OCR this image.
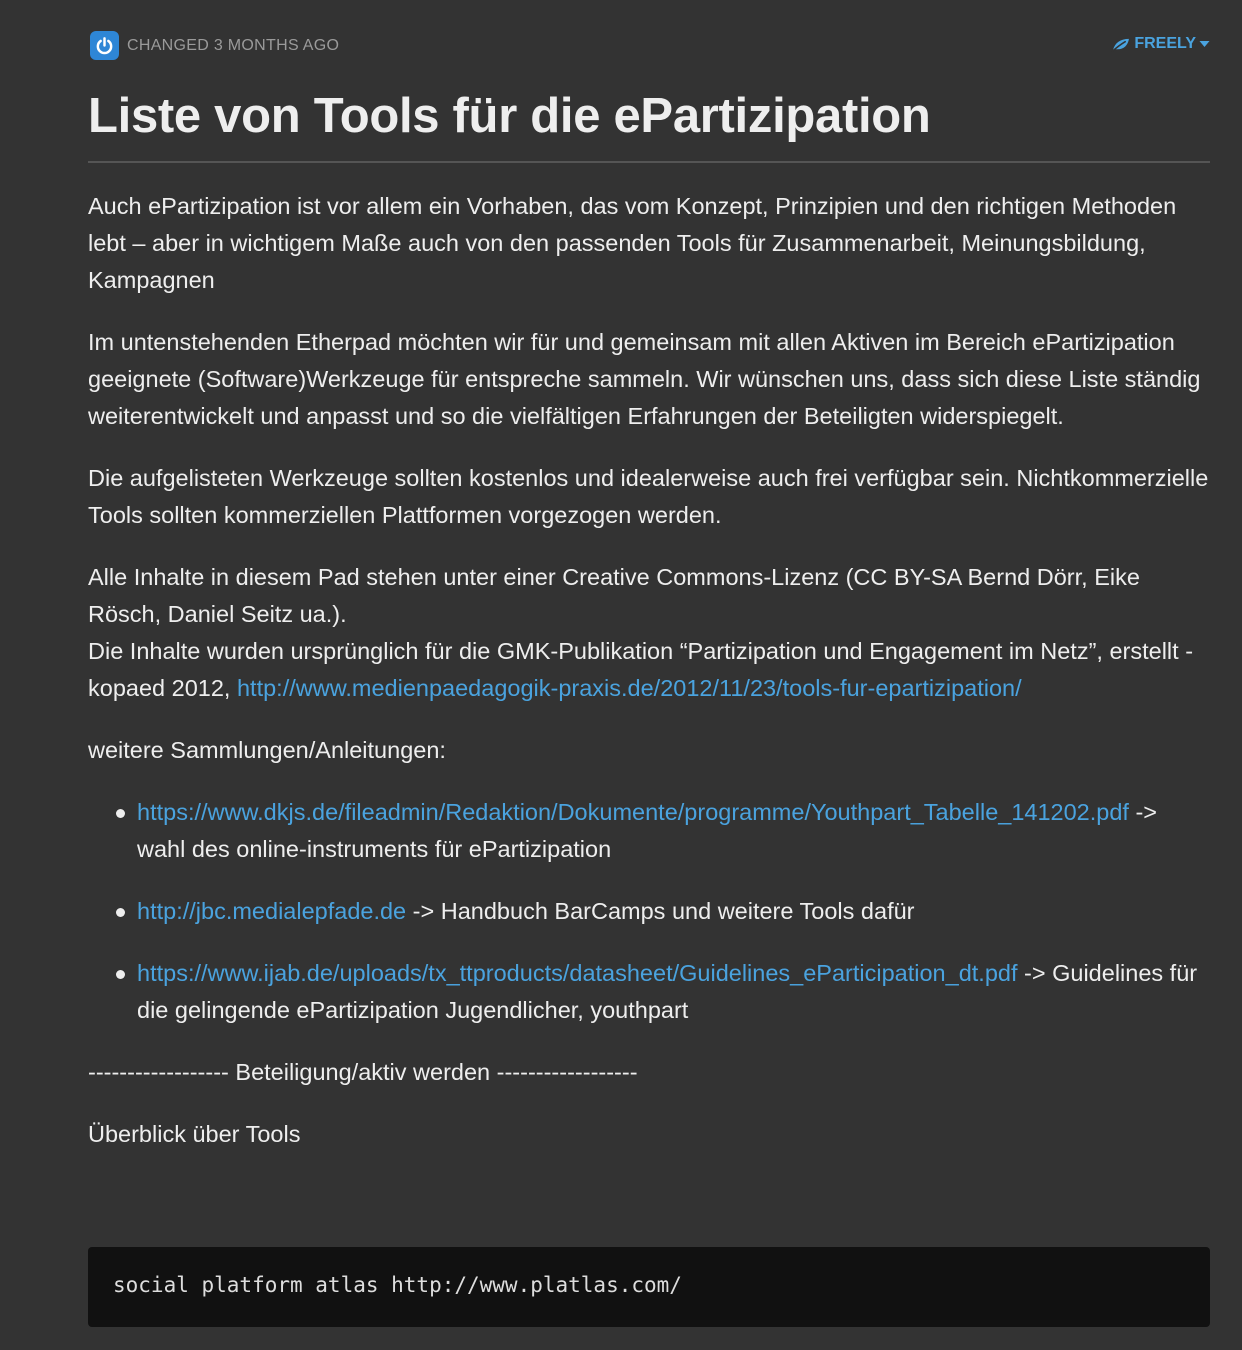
CHANGED 3 MONTHS AGO	FREELY
Liste von Tools für die ePartizipation

Auch ePartizipation ist vor allem ein Vorhaben, das vom Konzept, Prinzipien und den richtigen Methoden lebt – aber in wichtigem Maße auch von den passenden Tools für Zusammenarbeit, Meinungsbildung, Kampagnen

Im untenstehenden Etherpad möchten wir für und gemeinsam mit allen Aktiven im Bereich ePartizipation geeignete (Software)Werkzeuge für entspreche sammeln. Wir wünschen uns, dass sich diese Liste ständig weiterentwickelt und anpasst und so die vielfältigen Erfahrungen der Beteiligten widerspiegelt.

Die aufgelisteten Werkzeuge sollten kostenlos und idealerweise auch frei verfügbar sein. Nichtkommerzielle Tools sollten kommerziellen Plattformen vorgezogen werden.

Alle Inhalte in diesem Pad stehen unter einer Creative Commons-Lizenz (CC BY-SA Bernd Dörr, Eike Rösch, Daniel Seitz ua.).
Die Inhalte wurden ursprünglich für die GMK-Publikation “Partizipation und Engagement im Netz”, erstellt - kopaed 2012, http://www.medienpaedagogik-praxis.de/2012/11/23/tools-fur-epartizipation/

weitere Sammlungen/Anleitungen:

https://www.dkjs.de/fileadmin/Redaktion/Dokumente/programme/Youthpart_Tabelle_141202.pdf -> wahl des online-instruments für ePartizipation
http://jbc.medialepfade.de -> Handbuch BarCamps und weitere Tools dafür
https://www.ijab.de/uploads/tx_ttproducts/datasheet/Guidelines_eParticipation_dt.pdf -> Guidelines für die gelingende ePartizipation Jugendlicher, youthpart

------------------ Beteiligung/aktiv werden ------------------

Überblick über Tools

social platform atlas http://www.platlas.com/
